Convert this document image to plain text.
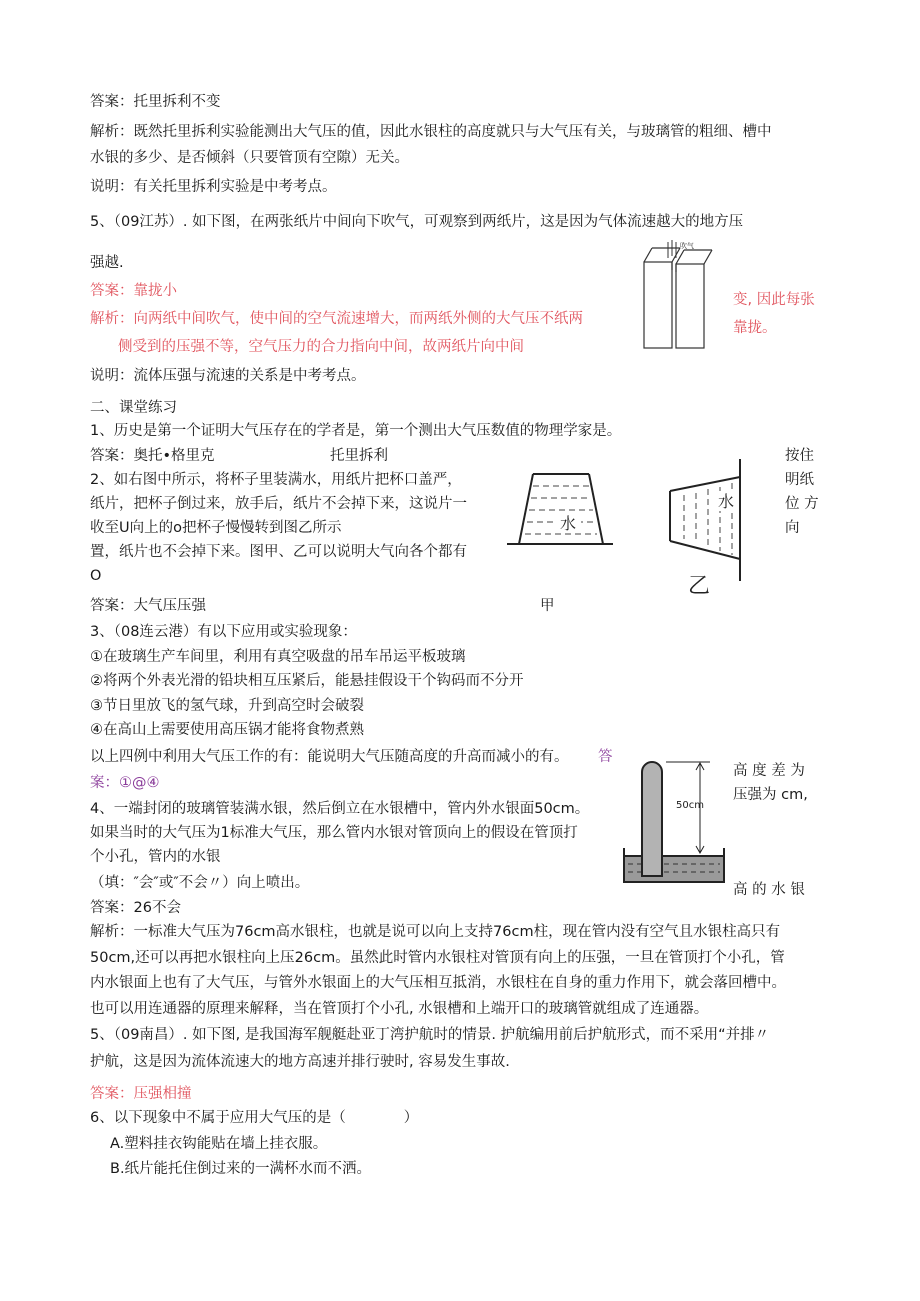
答案：托里拆利不变
解析：既然托里拆利实验能测出大气压的值，因此水银柱的高度就只与大气压有关，与玻璃管的粗细、槽中
水银的多少、是否倾斜（只要管顶有空隙）无关。
说明：有关托里拆利实验是中考考点。
5、（09江苏）. 如下图，在两张纸片中间向下吹气，可观察到两纸片，这是因为气体流速越大的地方压
强越.
答案：靠拢小
解析：向两纸中间吹气，使中间的空气流速增大，而两纸外侧的大气压不纸两
侧受到的压强不等，空气压力的合力指向中间，故两纸片向中间
变, 因此每张
靠拢。
说明：流体压强与流速的关系是中考考点。
二、课堂练习
1、历史是第一个证明大气压存在的学者是，第一个测出大气压数值的物理学家是。
答案：奥托•格里克	托里拆利	按住
2、如右图中所示，将杯子里装满水，用纸片把杯口盖严，	明纸
纸片，把杯子倒过来，放手后，纸片不会掉下来，这说片一	位 方
收至U向上的o把杯子慢慢转到图乙所示	向
置，纸片也不会掉下来。图甲、乙可以说明大气向各个都有
O
答案：大气压压强	甲
3、（08连云港）有以下应用或实验现象：
①在玻璃生产车间里，利用有真空吸盘的吊车吊运平板玻璃
②将两个外表光滑的铅块相互压紧后，能悬挂假设干个钩码而不分开
③节日里放飞的氢气球，升到高空时会破裂
④在高山上需要使用高压锅才能将食物煮熟
以上四例中利用大气压工作的有：能说明大气压随高度的升高而减小的有。 答
案：①@④
4、一端封闭的玻璃管装满水银，然后倒立在水银槽中，管内外水银面50cm。
如果当时的大气压为1标准大气压，那么管内水银对管顶向上的假设在管顶打
个小孔，管内的水银
（填：″会″或″不会〃）向上喷出。
高 度 差 为
压强为 cm,
高 的 水 银
答案：26不会
解析：一标准大气压为76cm高水银柱，也就是说可以向上支持76cm柱，现在管内没有空气且水银柱高只有
50cm,还可以再把水银柱向上压26cm。虽然此时管内水银柱对管顶有向上的压强，一旦在管顶打个小孔，管
内水银面上也有了大气压，与管外水银面上的大气压相互抵消，水银柱在自身的重力作用下，就会落回槽中。
也可以用连通器的原理来解释，当在管顶打个小孔, 水银槽和上端开口的玻璃管就组成了连通器。
5、（09南昌）. 如下图, 是我国海军舰艇赴亚丁湾护航时的情景. 护航编用前后护航形式，而不采用“并排〃
护航，这是因为流体流速大的地方高速并排行驶时, 容易发生事故.
答案：压强相撞
6、以下现象中不属于应用大气压的是（　　　　）
A.塑料挂衣钩能贴在墙上挂衣服。
B.纸片能托住倒过来的一满杯水而不洒。
吹气
水
水
乙
50cm
